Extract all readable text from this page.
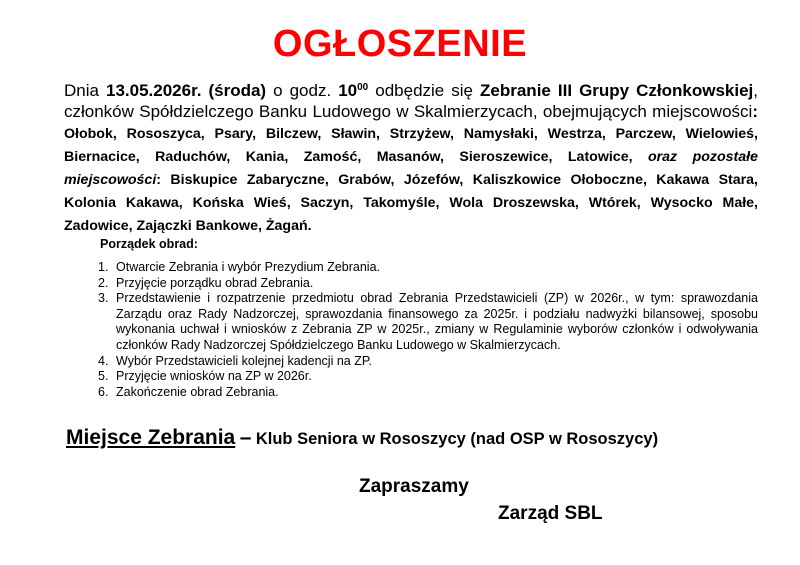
OGŁOSZENIE
Dnia 13.05.2026r. (środa) o godz. $10^{00}$ odbędzie się Zebranie III Grupy Członkowskiej, członków Spółdzielczego Banku Ludowego w Skalmierzycach, obejmujących miejscowości: Ołobok, Rososzyca, Psary, Bilczew, Sławin, Strzyżew, Namysłaki, Westrza, Parczew, Wielowieś, Biernacice, Raduchów, Kania, Zamość, Masanów, Sieroszewice, Latowice, oraz pozostałe miejscowości: Biskupice Zabaryczne, Grabów, Józefów, Kaliszkowice Ołoboczne, Kakawa Stara, Kolonia Kakawa, Końska Wieś, Saczyn, Takomyśle, Wola Droszewska, Wtórek, Wysocko Małe, Zadowice, Zajączki Bankowe, Żagań.
Porządek obrad:
1. Otwarcie Zebrania i wybór Prezydium Zebrania.
2. Przyjęcie porządku obrad Zebrania.
3. Przedstawienie i rozpatrzenie przedmiotu obrad Zebrania Przedstawicieli (ZP) w 2026r., w tym: sprawozdania Zarządu oraz Rady Nadzorczej, sprawozdania finansowego za 2025r. i podziału nadwyżki bilansowej, sposobu wykonania uchwał i wniosków z Zebrania ZP w 2025r., zmiany w Regulaminie wyborów członków i odwoływania członków Rady Nadzorczej Spółdzielczego Banku Ludowego w Skalmierzycach.
4. Wybór Przedstawicieli kolejnej kadencji na ZP.
5. Przyjęcie wniosków na ZP w 2026r.
6. Zakończenie obrad Zebrania.
Miejsce Zebrania – Klub Seniora w Rososzycy (nad OSP w Rososzycy)
Zapraszamy
Zarząd SBL
